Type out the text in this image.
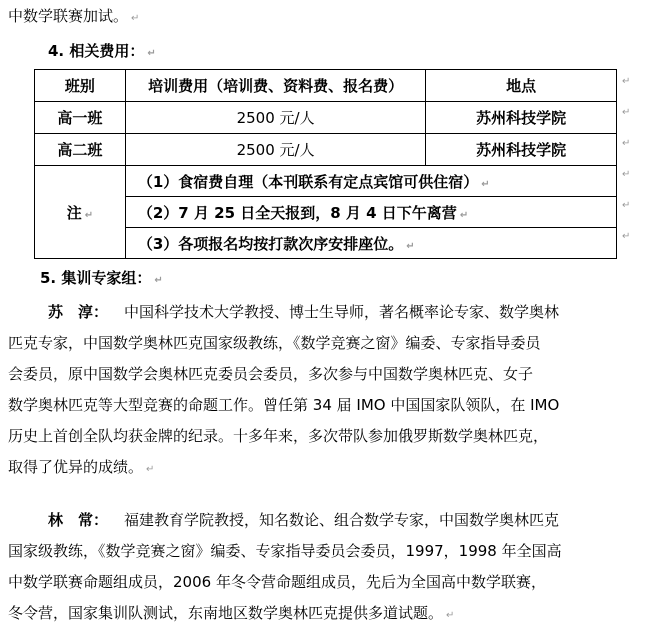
中数学联赛加试。 ↵
4. 相关费用： ↵
班别	培训费用（培训费、资料费、报名费）	地点
高一班	2500 元/人	苏州科技学院
高二班	2500 元/人	苏州科技学院
注 ↵	（1）食宿费自理（本刊联系有定点宾馆可供住宿） ↵	
	（2）7 月 25 日全天报到，8 月 4 日下午离营 ↵	
	（3）各项报名均按打款次序安排座位。 ↵	
↵
↵
↵
↵
↵
↵
5. 集训专家组： ↵

苏　淳： 中国科学技术大学教授、博士生导师，著名概率论专家、数学奥林

匹克专家，中国数学奥林匹克国家级教练，《数学竞赛之窗》编委、专家指导委员

会委员，原中国数学会奥林匹克委员会委员，多次参与中国数学奥林匹克、女子

数学奥林匹克等大型竞赛的命题工作。曾任第 34 届 IMO 中国国家队领队，在 IMO

历史上首创全队均获金牌的纪录。十多年来，多次带队参加俄罗斯数学奥林匹克，

取得了优异的成绩。 ↵

林　常： 福建教育学院教授，知名数论、组合数学专家，中国数学奥林匹克

国家级教练，《数学竞赛之窗》编委、专家指导委员会委员，1997，1998 年全国高

中数学联赛命题组成员，2006 年冬令营命题组成员，先后为全国高中数学联赛，

冬令营，国家集训队测试，东南地区数学奥林匹克提供多道试题。 ↵
